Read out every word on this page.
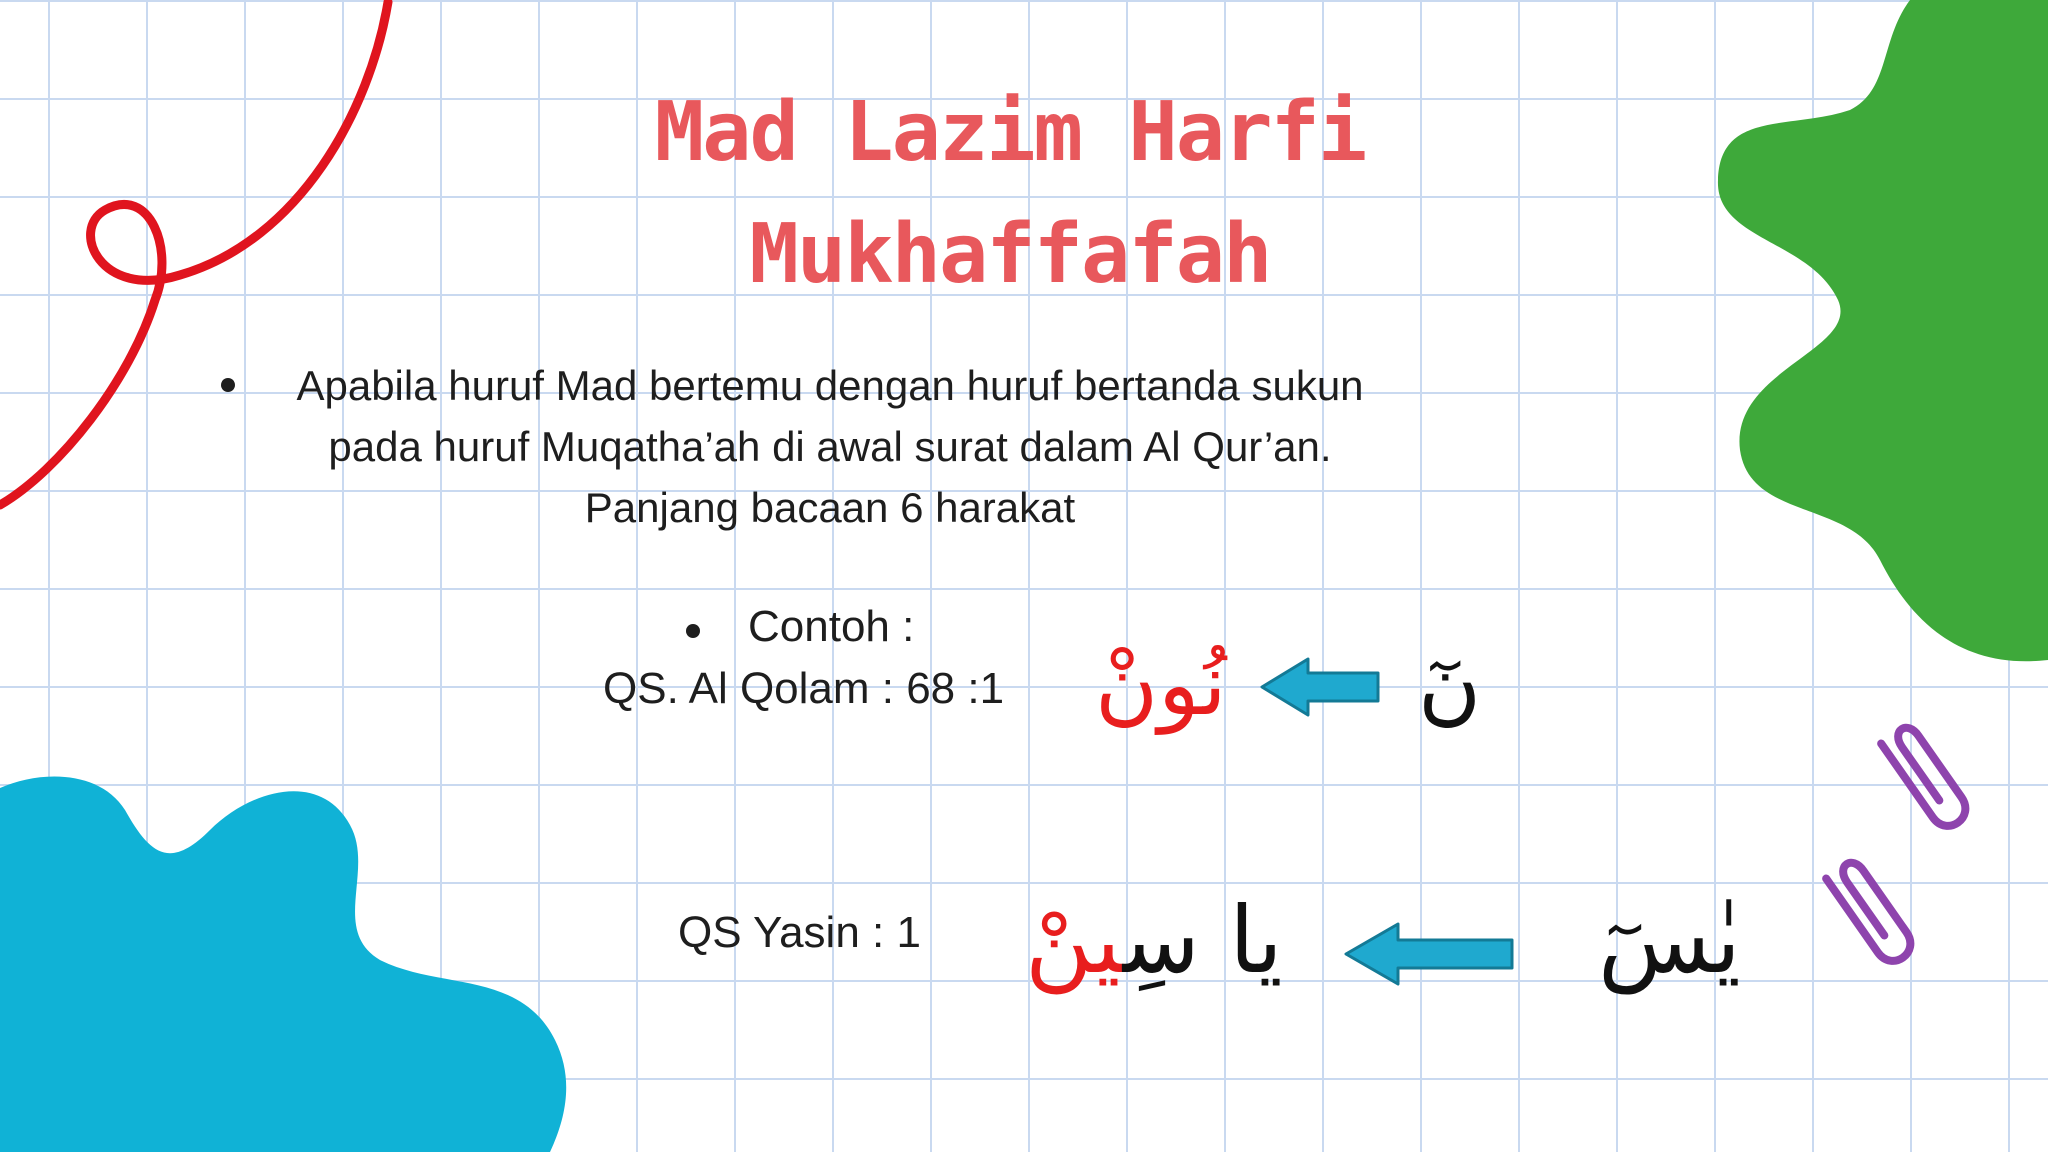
Mad Lazim Harfi
Mukhaffafah
Apabila huruf Mad bertemu dengan huruf bertanda sukun
pada huruf Muqatha’ah di awal surat dalam Al Qur’an.
Panjang bacaan 6 harakat
Contoh :
QS. Al Qolam : 68 :1 نُونْ نٓ
QS Yasin : 1	يا سِينْ	يٰسٓ
